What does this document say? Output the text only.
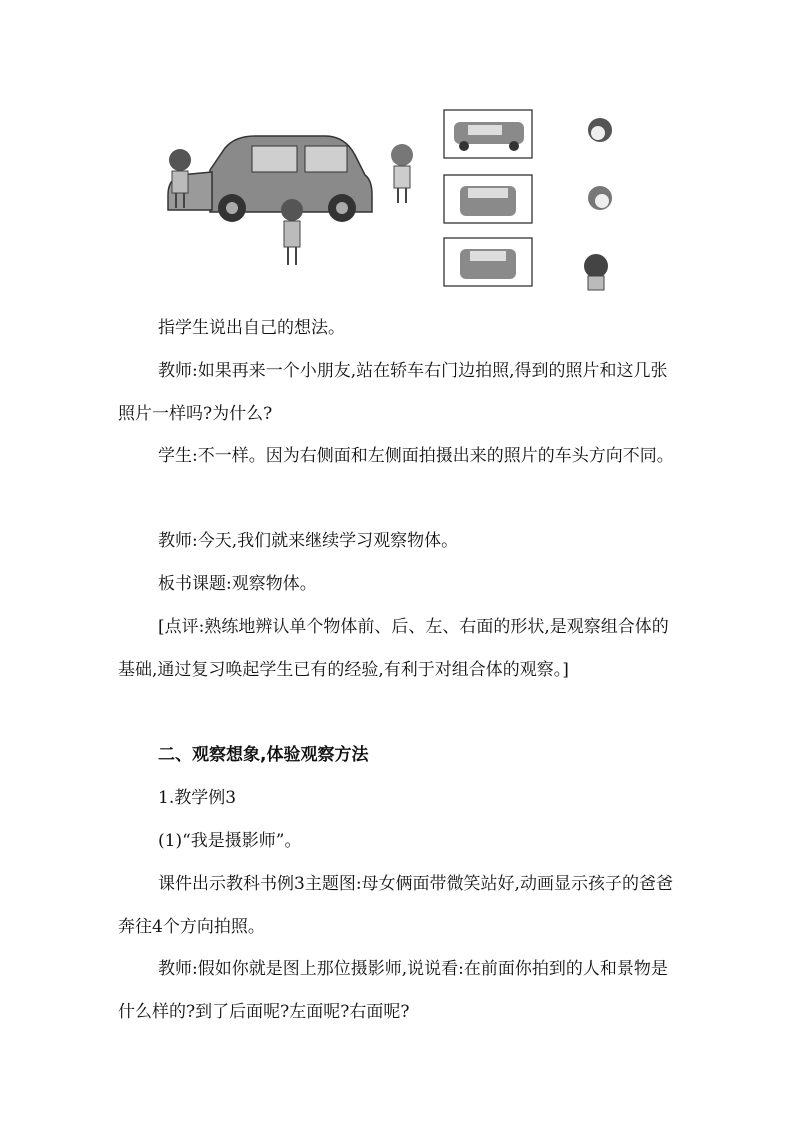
指学生说出自己的想法。

教师:如果再来一个小朋友,站在轿车右门边拍照,得到的照片和这几张照片一样吗?为什么?

学生:不一样。因为右侧面和左侧面拍摄出来的照片的车头方向不同。

教师:今天,我们就来继续学习观察物体。

板书课题:观察物体。

[点评:熟练地辨认单个物体前、后、左、右面的形状,是观察组合体的基础,通过复习唤起学生已有的经验,有利于对组合体的观察。]

二、观察想象,体验观察方法

1.教学例3

(1)“我是摄影师”。

课件出示教科书例3主题图:母女俩面带微笑站好,动画显示孩子的爸爸奔往4个方向拍照。

教师:假如你就是图上那位摄影师,说说看:在前面你拍到的人和景物是什么样的?到了后面呢?左面呢?右面呢?
